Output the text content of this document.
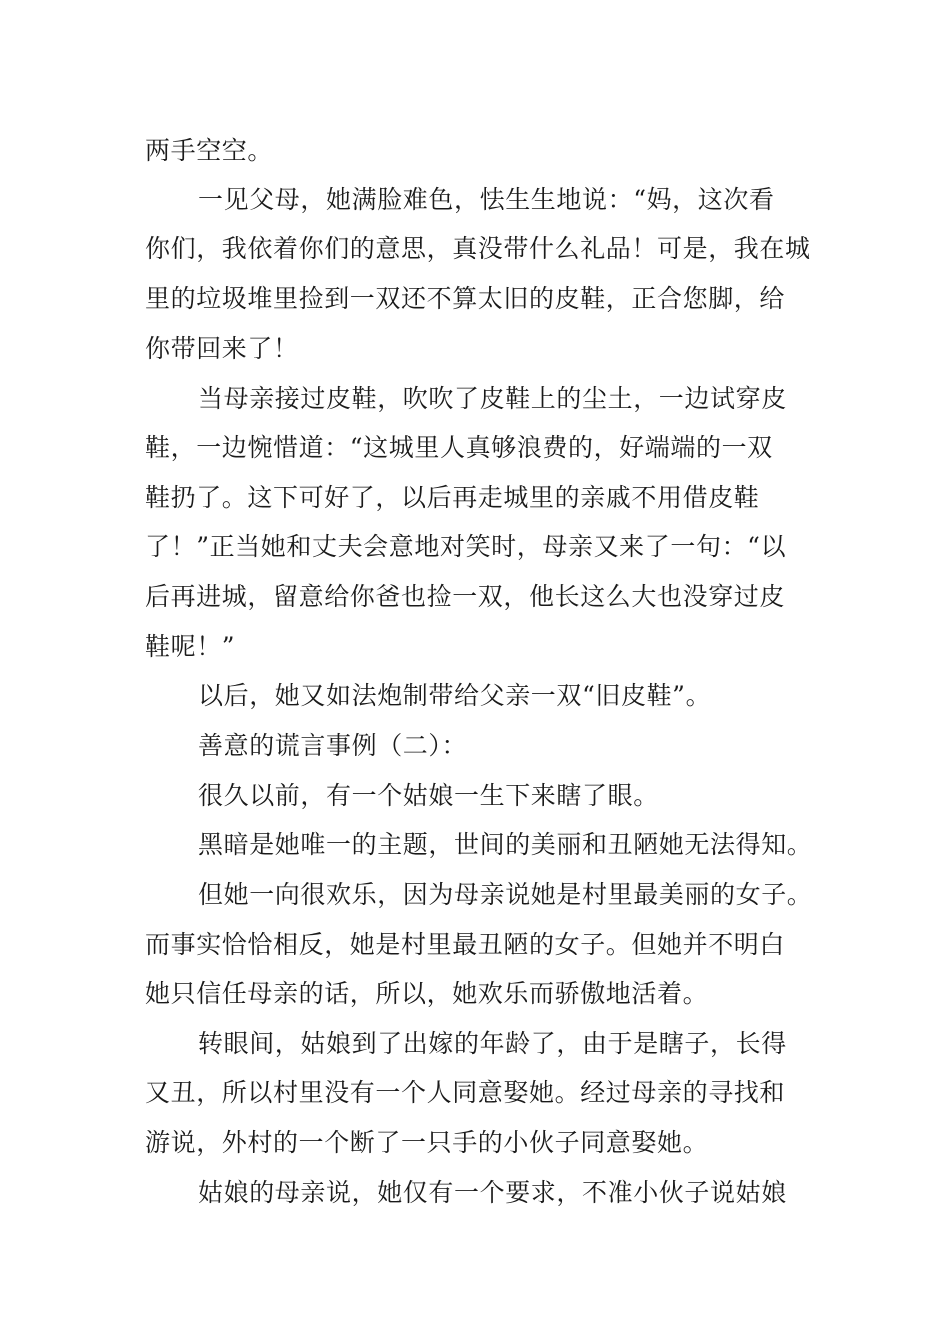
两手空空。
一见父母，她满脸难色，怯生生地说：“妈，这次看
你们，我依着你们的意思，真没带什么礼品！可是，我在城
里的垃圾堆里捡到一双还不算太旧的皮鞋，正合您脚，给
你带回来了！
当母亲接过皮鞋，吹吹了皮鞋上的尘土，一边试穿皮
鞋，一边惋惜道：“这城里人真够浪费的，好端端的一双
鞋扔了。这下可好了，以后再走城里的亲戚不用借皮鞋
了！”正当她和丈夫会意地对笑时，母亲又来了一句：“以
后再进城，留意给你爸也捡一双，他长这么大也没穿过皮
鞋呢！”
以后，她又如法炮制带给父亲一双“旧皮鞋”。
善意的谎言事例（二）：
很久以前，有一个姑娘一生下来瞎了眼。
黑暗是她唯一的主题，世间的美丽和丑陋她无法得知。
但她一向很欢乐，因为母亲说她是村里最美丽的女子。
而事实恰恰相反，她是村里最丑陋的女子。但她并不明白
她只信任母亲的话，所以，她欢乐而骄傲地活着。
转眼间，姑娘到了出嫁的年龄了，由于是瞎子，长得
又丑，所以村里没有一个人同意娶她。经过母亲的寻找和
游说，外村的一个断了一只手的小伙子同意娶她。
姑娘的母亲说，她仅有一个要求，不准小伙子说姑娘
